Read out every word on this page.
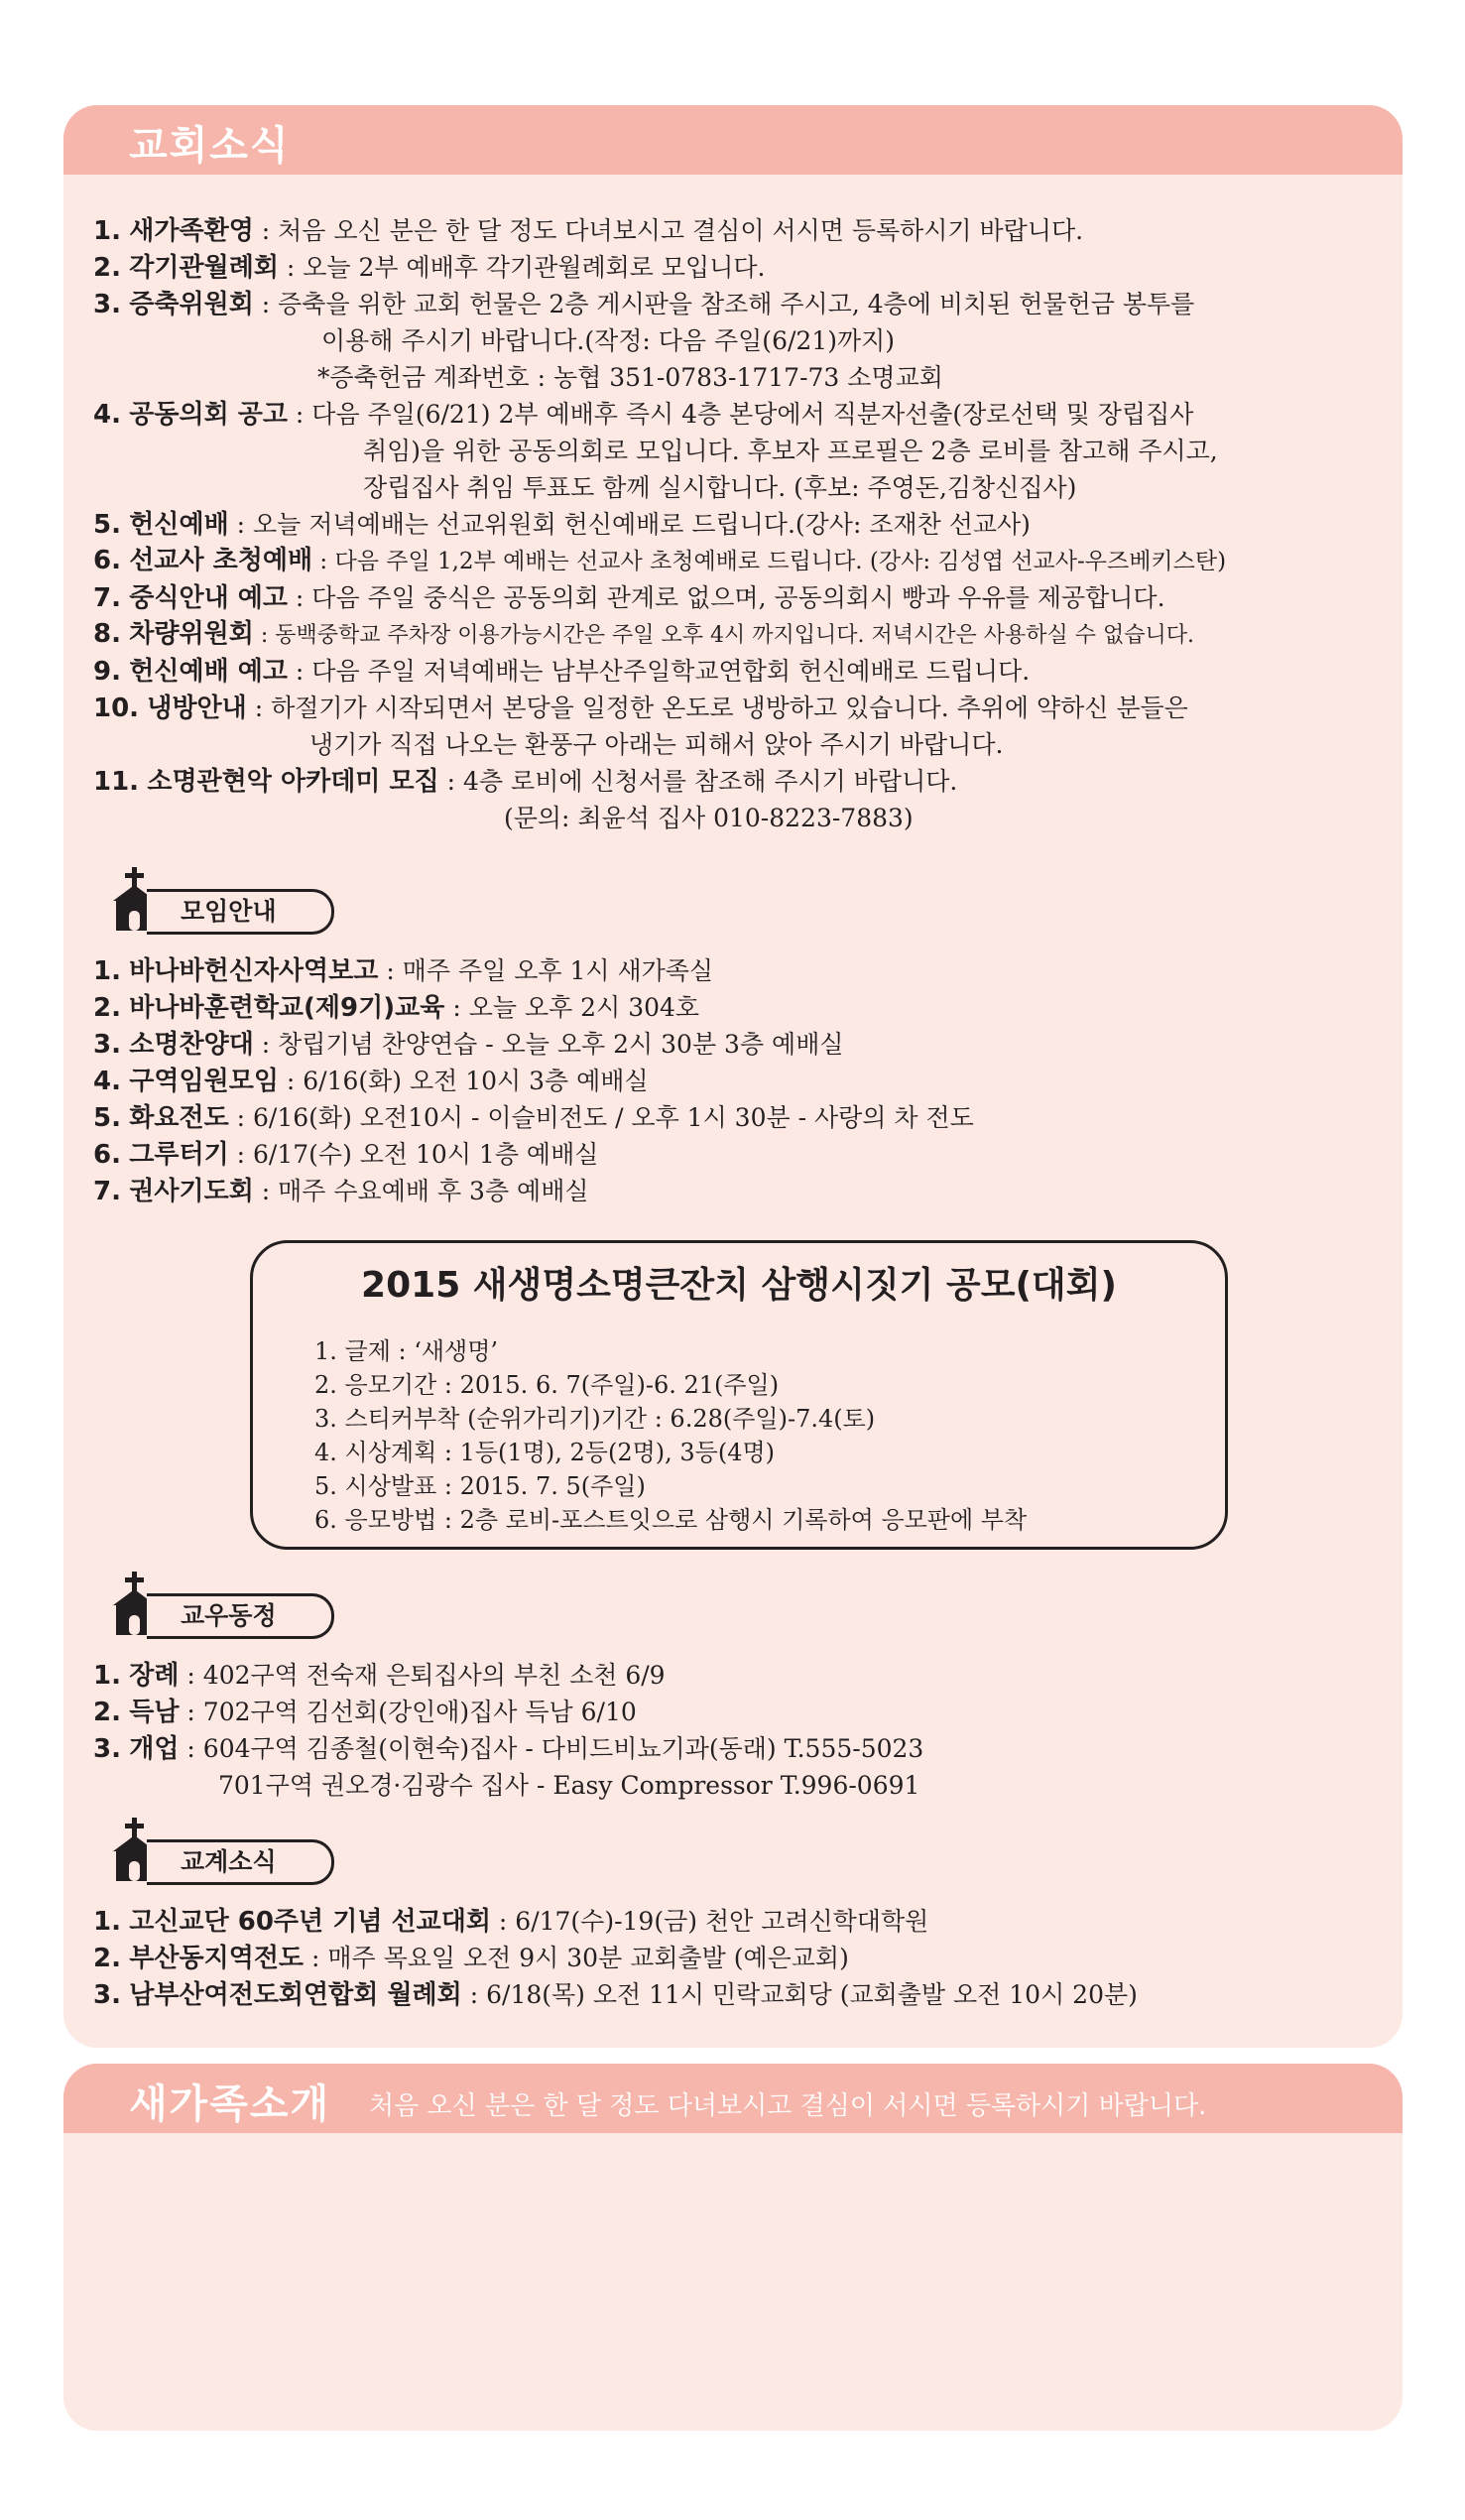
교회소식
1. 새가족환영 : 처음 오신 분은 한 달 정도 다녀보시고 결심이 서시면 등록하시기 바랍니다.
2. 각기관월례회 : 오늘 2부 예배후 각기관월례회로 모입니다.
3. 증축위원회 : 증축을 위한 교회 헌물은 2층 게시판을 참조해 주시고, 4층에 비치된 헌물헌금 봉투를
이용해 주시기 바랍니다.(작정: 다음 주일(6/21)까지)
*증축헌금 계좌번호 : 농협 351-0783-1717-73 소명교회
4. 공동의회 공고 : 다음 주일(6/21) 2부 예배후 즉시 4층 본당에서 직분자선출(장로선택 및 장립집사
취임)을 위한 공동의회로 모입니다. 후보자 프로필은 2층 로비를 참고해 주시고,
장립집사 취임 투표도 함께 실시합니다. (후보: 주영돈,김창신집사)
5. 헌신예배 : 오늘 저녁예배는 선교위원회 헌신예배로 드립니다.(강사: 조재찬 선교사)
6. 선교사 초청예배 : 다음 주일 1,2부 예배는 선교사 초청예배로 드립니다. (강사: 김성엽 선교사-우즈베키스탄)
7. 중식안내 예고 : 다음 주일 중식은 공동의회 관계로 없으며, 공동의회시 빵과 우유를 제공합니다.
8. 차량위원회 : 동백중학교 주차장 이용가능시간은 주일 오후 4시 까지입니다. 저녁시간은 사용하실 수 없습니다.
9. 헌신예배 예고 : 다음 주일 저녁예배는 남부산주일학교연합회 헌신예배로 드립니다.
10. 냉방안내 : 하절기가 시작되면서 본당을 일정한 온도로 냉방하고 있습니다. 추위에 약하신 분들은
냉기가 직접 나오는 환풍구 아래는 피해서 앉아 주시기 바랍니다.
11. 소명관현악 아카데미 모집 : 4층 로비에 신청서를 참조해 주시기 바랍니다.
(문의: 최윤석 집사 010-8223-7883)
모임안내
1. 바나바헌신자사역보고 : 매주 주일 오후 1시 새가족실
2. 바나바훈련학교(제9기)교육 : 오늘 오후 2시 304호
3. 소명찬양대 : 창립기념 찬양연습 - 오늘 오후 2시 30분 3층 예배실
4. 구역임원모임 : 6/16(화) 오전 10시 3층 예배실
5. 화요전도 : 6/16(화) 오전10시 - 이슬비전도 / 오후 1시 30분 - 사랑의 차 전도
6. 그루터기 : 6/17(수) 오전 10시 1층 예배실
7. 권사기도회 : 매주 수요예배 후 3층 예배실
2015 새생명소명큰잔치 삼행시짓기 공모(대회)
1. 글제 : ‘새생명’
2. 응모기간 : 2015. 6. 7(주일)-6. 21(주일)
3. 스티커부착 (순위가리기)기간 : 6.28(주일)-7.4(토)
4. 시상계획 : 1등(1명), 2등(2명), 3등(4명)
5. 시상발표 : 2015. 7. 5(주일)
6. 응모방법 : 2층 로비-포스트잇으로 삼행시 기록하여 응모판에 부착
교우동정
1. 장례 : 402구역 전숙재 은퇴집사의 부친 소천 6/9
2. 득남 : 702구역 김선회(강인애)집사 득남 6/10
3. 개업 : 604구역 김종철(이현숙)집사 - 다비드비뇨기과(동래) T.555-5023
701구역 권오경·김광수 집사 - Easy Compressor T.996-0691
교계소식
1. 고신교단 60주년 기념 선교대회 : 6/17(수)-19(금) 천안 고려신학대학원
2. 부산동지역전도 : 매주 목요일 오전 9시 30분 교회출발 (예은교회)
3. 남부산여전도회연합회 월례회 : 6/18(목) 오전 11시 민락교회당 (교회출발 오전 10시 20분)
새가족소개 처음 오신 분은 한 달 정도 다녀보시고 결심이 서시면 등록하시기 바랍니다.
